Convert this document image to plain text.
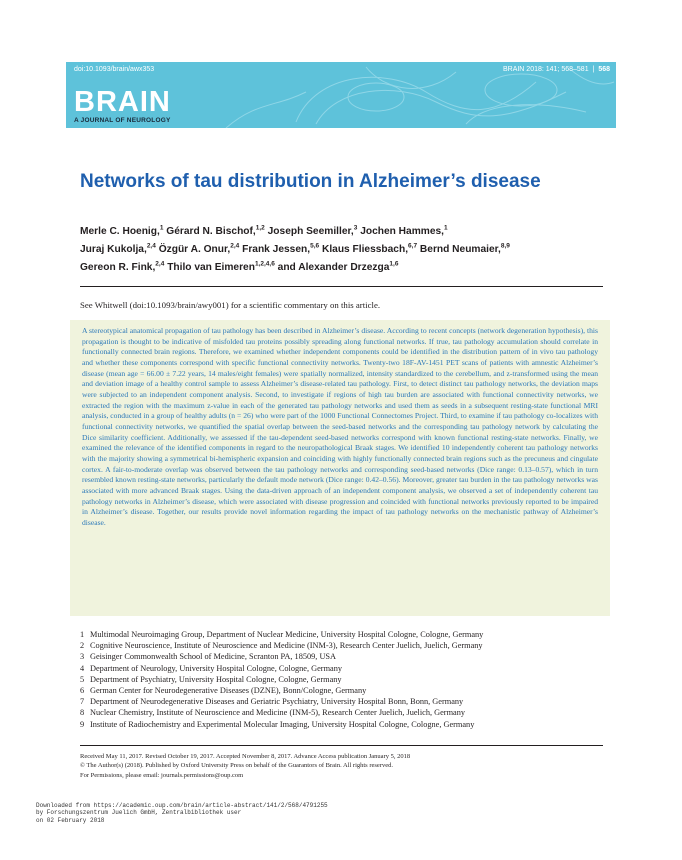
doi:10.1093/brain/awx353	BRAIN 2018: 141; 568–581 | 568
BRAIN
A JOURNAL OF NEUROLOGY
Networks of tau distribution in Alzheimer’s disease
Merle C. Hoenig,$^1$ Gérard N. Bischof,$^{1,2}$ Joseph Seemiller,$^3$ Jochen Hammes,$^1$
Juraj Kukolja,$^{2,4}$ Özgür A. Onur,$^{2,4}$ Frank Jessen,$^{5,6}$ Klaus Fliessbach,$^{6,7}$ Bernd Neumaier,$^{8,9}$
Gereon R. Fink,$^{2,4}$ Thilo van Eimeren$^{1,2,4,6}$ and Alexander Drzezga$^{1,6}$
See Whitwell (doi:10.1093/brain/awy001) for a scientific commentary on this article.

A stereotypical anatomical propagation of tau pathology has been described in Alzheimer’s disease. According to recent concepts (network degeneration hypothesis), this propagation is thought to be indicative of misfolded tau proteins possibly spreading along functional networks. If true, tau pathology accumulation should correlate in functionally connected brain regions. Therefore, we examined whether independent components could be identified in the distribution pattern of in vivo tau pathology and whether these components correspond with specific functional connectivity networks. Twenty-two 18F-AV-1451 PET scans of patients with amnestic Alzheimer’s disease (mean age = 66.00 ± 7.22 years, 14 males/eight females) were spatially normalized, intensity standardized to the cerebellum, and z-transformed using the mean and deviation image of a healthy control sample to assess Alzheimer’s disease-related tau pathology. First, to detect distinct tau pathology networks, the deviation maps were subjected to an independent component analysis. Second, to investigate if regions of high tau burden are associated with functional connectivity networks, we extracted the region with the maximum z-value in each of the generated tau pathology networks and used them as seeds in a subsequent resting-state functional MRI analysis, conducted in a group of healthy adults (n = 26) who were part of the 1000 Functional Connectomes Project. Third, to examine if tau pathology co-localizes with functional connectivity networks, we quantified the spatial overlap between the seed-based networks and the corresponding tau pathology network by calculating the Dice similarity coefficient. Additionally, we assessed if the tau-dependent seed-based networks correspond with known functional resting-state networks. Finally, we examined the relevance of the identified components in regard to the neuropathological Braak stages. We identified 10 independently coherent tau pathology networks with the majority showing a symmetrical bi-hemispheric expansion and coinciding with highly functionally connected brain regions such as the precuneus and cingulate cortex. A fair-to-moderate overlap was observed between the tau pathology networks and corresponding seed-based networks (Dice range: 0.13–0.57), which in turn resembled known resting-state networks, particularly the default mode network (Dice range: 0.42–0.56). Moreover, greater tau burden in the tau pathology networks was associated with more advanced Braak stages. Using the data-driven approach of an independent component analysis, we observed a set of independently coherent tau pathology networks in Alzheimer’s disease, which were associated with disease progression and coincided with functional networks previously reported to be impaired in Alzheimer’s disease. Together, our results provide novel information regarding the impact of tau pathology networks on the mechanistic pathway of Alzheimer’s disease.

1 Multimodal Neuroimaging Group, Department of Nuclear Medicine, University Hospital Cologne, Cologne, Germany
2 Cognitive Neuroscience, Institute of Neuroscience and Medicine (INM-3), Research Center Juelich, Juelich, Germany
3 Geisinger Commonwealth School of Medicine, Scranton PA, 18509, USA
4 Department of Neurology, University Hospital Cologne, Cologne, Germany
5 Department of Psychiatry, University Hospital Cologne, Cologne, Germany
6 German Center for Neurodegenerative Diseases (DZNE), Bonn/Cologne, Germany
7 Department of Neurodegenerative Diseases and Geriatric Psychiatry, University Hospital Bonn, Bonn, Germany
8 Nuclear Chemistry, Institute of Neuroscience and Medicine (INM-5), Research Center Juelich, Juelich, Germany
9 Institute of Radiochemistry and Experimental Molecular Imaging, University Hospital Cologne, Cologne, Germany
Received May 11, 2017. Revised October 19, 2017. Accepted November 8, 2017. Advance Access publication January 5, 2018
© The Author(s) (2018). Published by Oxford University Press on behalf of the Guarantors of Brain. All rights reserved.
For Permissions, please email: journals.permissions@oup.com
Downloaded from https://academic.oup.com/brain/article-abstract/141/2/568/4791255
by Forschungszentrum Juelich GmbH, Zentralbibliothek user
on 02 February 2018
